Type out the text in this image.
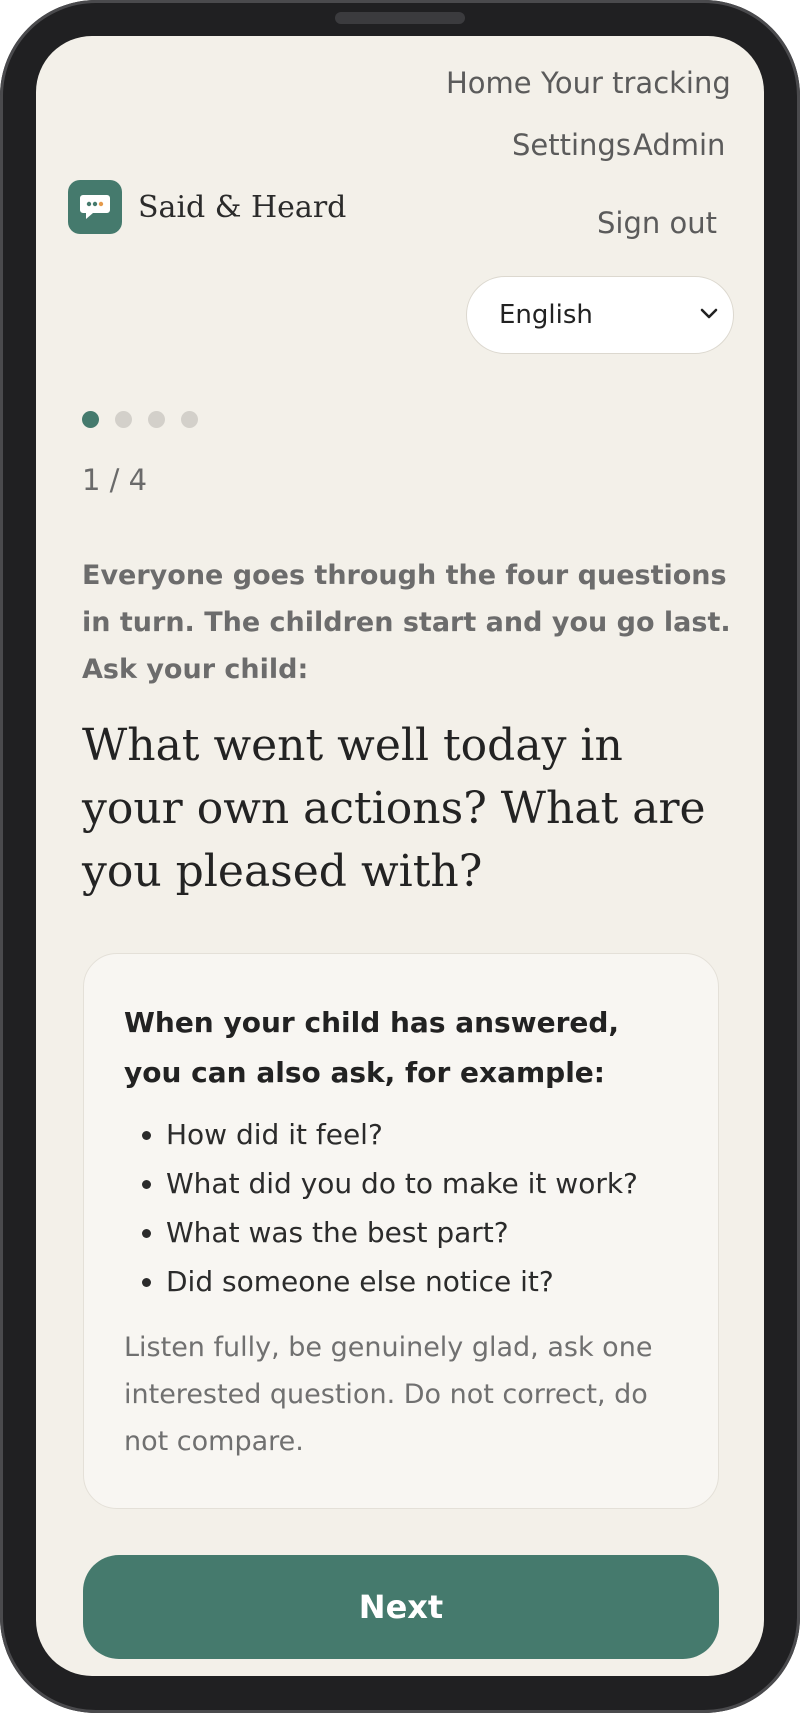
Home Your tracking
Settings Admin
Sign out
Said & Heard
English
1 / 4
Everyone goes through the four questions in turn. The children start and you go last. Ask your child:
What went well today in your own actions? What are you pleased with?
When your child has answered, you can also ask, for example:
• How did it feel?
• What did you do to make it work?
• What was the best part?
• Did someone else notice it?
Listen fully, be genuinely glad, ask one interested question. Do not correct, do not compare.
Next
